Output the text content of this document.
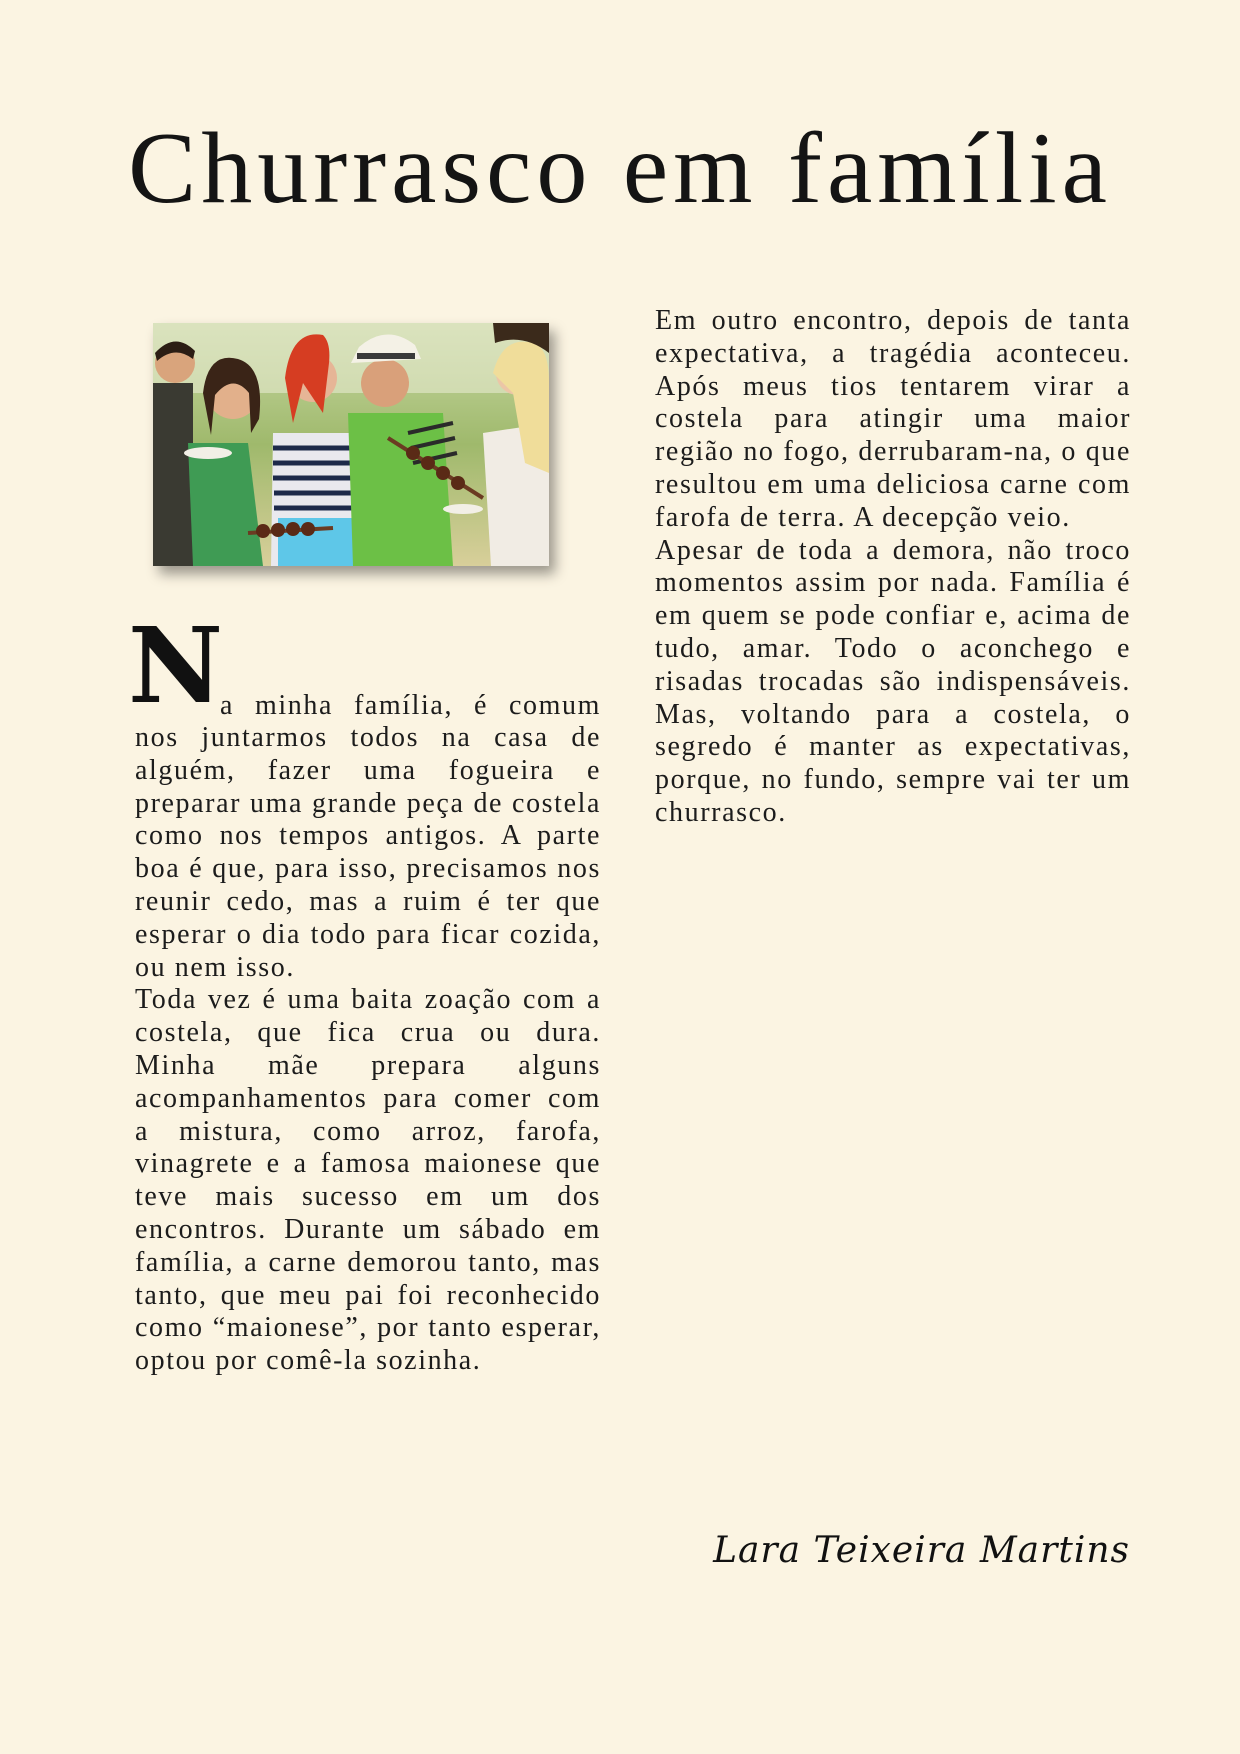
Churrasco em família
N
a minha família, é comum

nos juntarmos todos na casa de alguém, fazer uma fogueira e preparar uma grande peça de costela como nos tempos antigos. A parte boa é que, para isso, precisamos nos reunir cedo, mas a ruim é ter que esperar o dia todo para ficar cozida, ou nem isso.

Toda vez é uma baita zoação com a costela, que fica crua ou dura. Minha mãe prepara alguns acompanhamentos para comer com a mistura, como arroz, farofa, vinagrete e a famosa maionese que teve mais sucesso em um dos encontros. Durante um sábado em família, a carne demorou tanto, mas tanto, que meu pai foi reconhecido como “maionese”, por tanto esperar, optou por comê-la sozinha.

Em outro encontro, depois de tanta expectativa, a tragédia aconteceu. Após meus tios tentarem virar a costela para atingir uma maior região no fogo, derrubaram-na, o que resultou em uma deliciosa carne com farofa de terra. A decepção veio.

Apesar de toda a demora, não troco momentos assim por nada. Família é em quem se pode confiar e, acima de tudo, amar. Todo o aconchego e risadas trocadas são indispensáveis. Mas, voltando para a costela, o segredo é manter as expectativas, porque, no fundo, sempre vai ter um churrasco.

Lara Teixeira Martins
